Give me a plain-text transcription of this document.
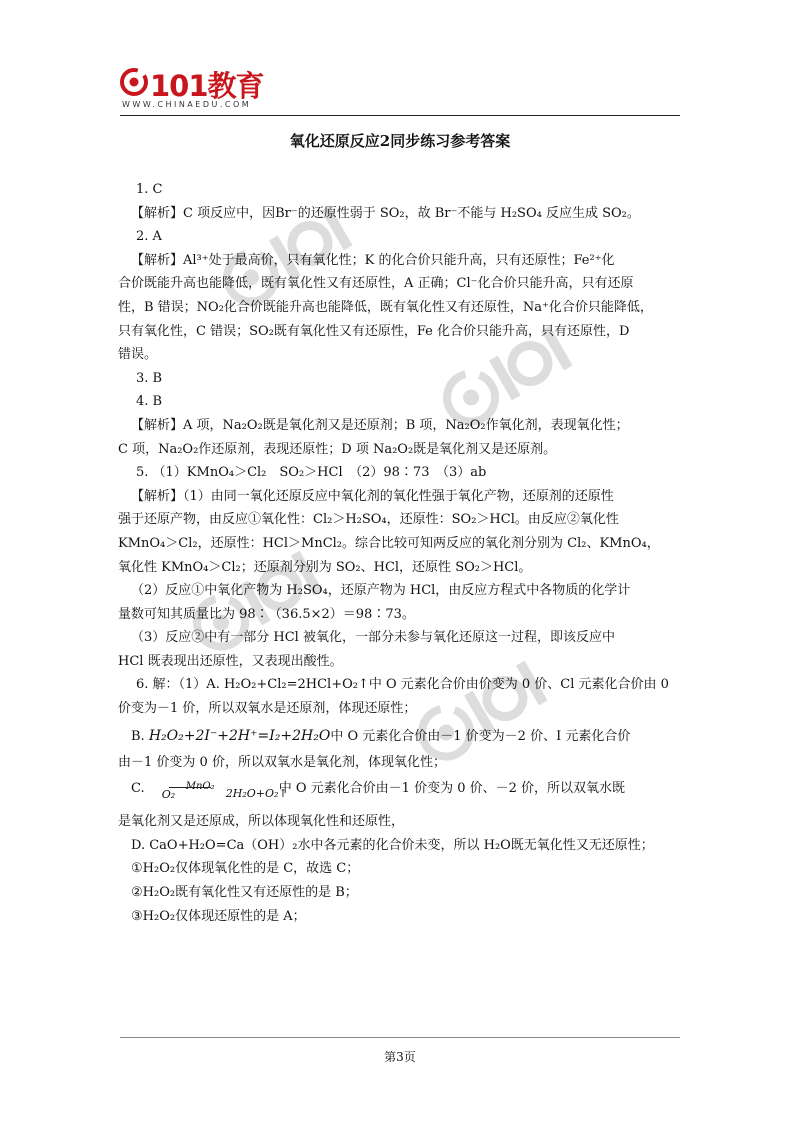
101教育
WWW.CHINAEDU.COM
氧化还原反应2同步练习参考答案

1. C

【解析】C 项反应中，因Br⁻的还原性弱于 SO₂，故 Br⁻不能与 H₂SO₄ 反应生成 SO₂。

2. A

【解析】Al³⁺处于最高价，只有氧化性；K 的化合价只能升高，只有还原性；Fe²⁺化

合价既能升高也能降低，既有氧化性又有还原性，A 正确；Cl⁻化合价只能升高，只有还原

性，B 错误；NO₂化合价既能升高也能降低，既有氧化性又有还原性，Na⁺化合价只能降低，

只有氧化性，C 错误；SO₂既有氧化性又有还原性，Fe 化合价只能升高，只有还原性，D

错误。

3. B

4. B

【解析】A 项，Na₂O₂既是氧化剂又是还原剂；B 项，Na₂O₂作氧化剂，表现氧化性；

C 项，Na₂O₂作还原剂，表现还原性；D 项 Na₂O₂既是氧化剂又是还原剂。

5. （1）KMnO₄＞Cl₂　SO₂＞HCl　（2）98∶73　（3）ab

【解析】（1）由同一氧化还原反应中氧化剂的氧化性强于氧化产物，还原剂的还原性

强于还原产物，由反应①氧化性：Cl₂＞H₂SO₄，还原性：SO₂＞HCl。由反应②氧化性

KMnO₄＞Cl₂，还原性：HCl＞MnCl₂。综合比较可知两反应的氧化剂分别为 Cl₂、KMnO₄，

氧化性 KMnO₄＞Cl₂；还原剂分别为 SO₂、HCl，还原性 SO₂＞HCl。

（2）反应①中氧化产物为 H₂SO₄，还原产物为 HCl，由反应方程式中各物质的化学计

量数可知其质量比为 98∶（36.5×2）＝98∶73。

（3）反应②中有一部分 HCl 被氧化，一部分未参与氧化还原这一过程，即该反应中

HCl 既表现出还原性，又表现出酸性。

6. 解：（1）A. H₂O₂+Cl₂=2HCl+O₂↑中 O 元素化合价由价变为 0 价、Cl 元素化合价由 0

价变为－1 价，所以双氧水是还原剂，体现还原性；

B. H₂O₂+2I⁻+2H⁺=I₂+2H₂O中 O 元素化合价由－1 价变为－2 价、I 元素化合价

由－1 价变为 0 价，所以双氧水是氧化剂，体现氧化性；

C.	O₂
MnO₂
2H₂O+O₂↑
中 O 元素化合价由－1 价变为 0 价、－2 价，所以双氧水既

是氧化剂又是还原成，所以体现氧化性和还原性，

D. CaO+H₂O=Ca（OH）₂水中各元素的化合价未变，所以 H₂O既无氧化性又无还原性；

①H₂O₂仅体现氧化性的是 C，故选 C；

②H₂O₂既有氧化性又有还原性的是 B；

③H₂O₂仅体现还原性的是 A；

第3页
